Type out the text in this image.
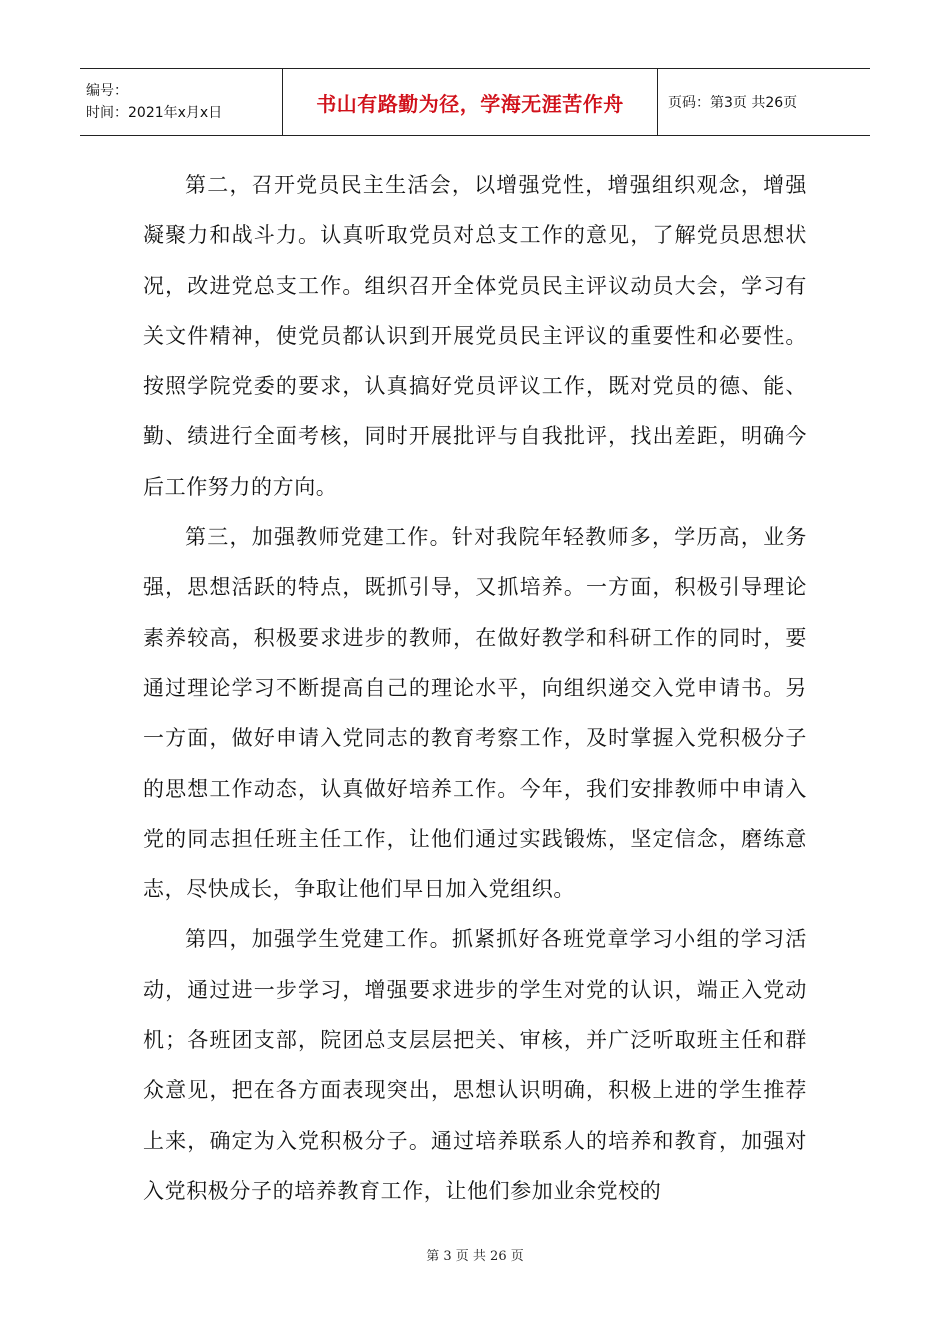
编号：
时间：2021年x月x日	书山有路勤为径，学海无涯苦作舟	页码：第3页 共26页

第二，召开党员民主生活会，以增强党性，增强组织观念，增强凝聚力和战斗力。认真听取党员对总支工作的意见，了解党员思想状况，改进党总支工作。组织召开全体党员民主评议动员大会，学习有关文件精神，使党员都认识到开展党员民主评议的重要性和必要性。按照学院党委的要求，认真搞好党员评议工作，既对党员的德、能、勤、绩进行全面考核，同时开展批评与自我批评，找出差距，明确今后工作努力的方向。

第三，加强教师党建工作。针对我院年轻教师多，学历高，业务强，思想活跃的特点，既抓引导，又抓培养。一方面，积极引导理论素养较高，积极要求进步的教师，在做好教学和科研工作的同时，要通过理论学习不断提高自己的理论水平，向组织递交入党申请书。另一方面，做好申请入党同志的教育考察工作，及时掌握入党积极分子的思想工作动态，认真做好培养工作。今年，我们安排教师中申请入党的同志担任班主任工作，让他们通过实践锻炼，坚定信念，磨练意志，尽快成长，争取让他们早日加入党组织。

第四，加强学生党建工作。抓紧抓好各班党章学习小组的学习活动，通过进一步学习，增强要求进步的学生对党的认识，端正入党动机；各班团支部，院团总支层层把关、审核，并广泛听取班主任和群众意见，把在各方面表现突出，思想认识明确，积极上进的学生推荐上来，确定为入党积极分子。通过培养联系人的培养和教育，加强对入党积极分子的培养教育工作，让他们参加业余党校的

第 3 页 共 26 页
